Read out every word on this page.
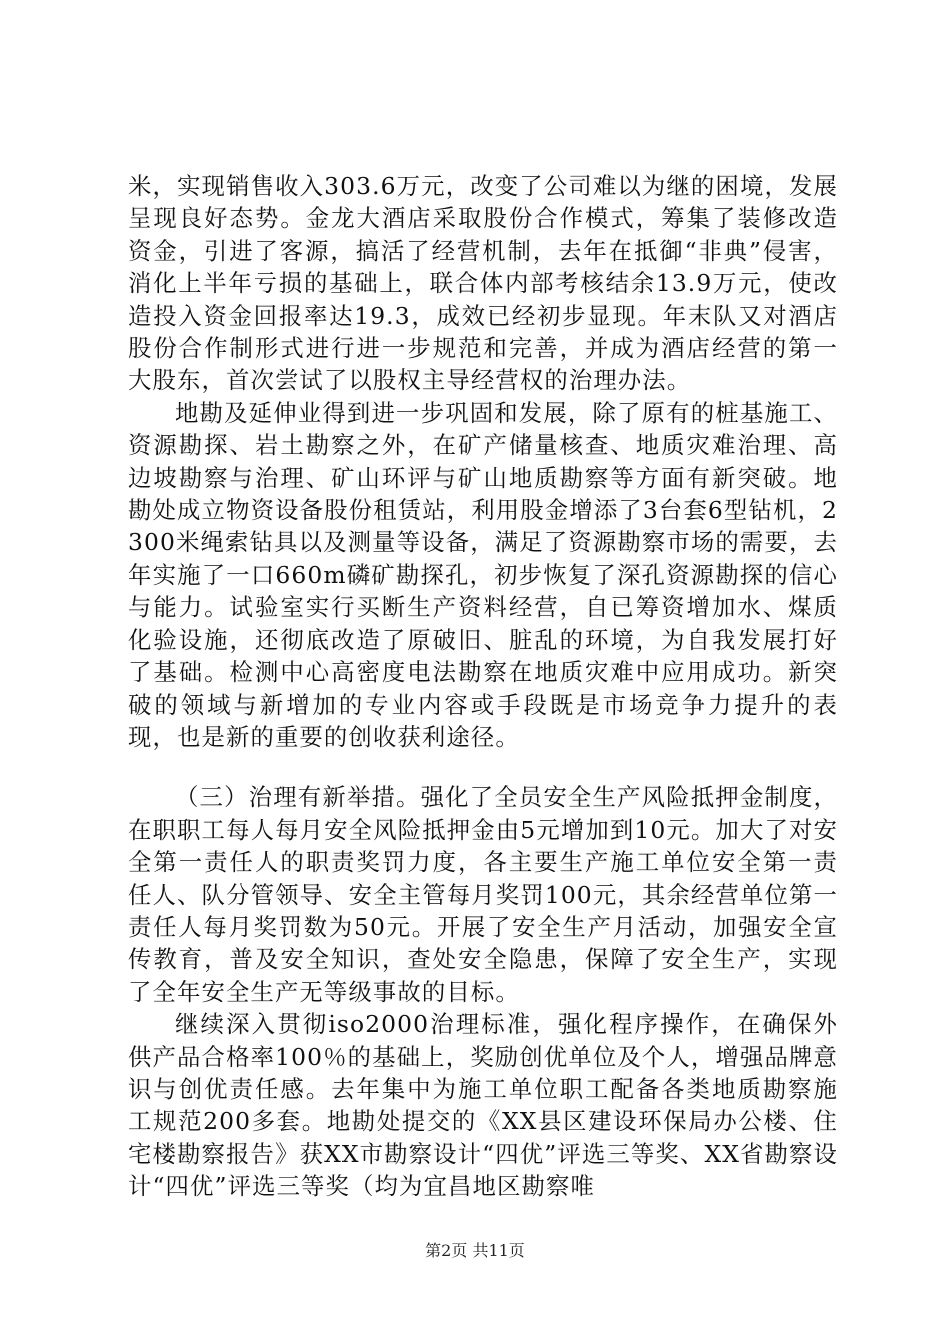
米，实现销售收入303.6万元，改变了公司难以为继的困境，发展呈现良好态势。金龙大酒店采取股份合作模式，筹集了装修改造资金，引进了客源，搞活了经营机制，去年在抵御“非典”侵害，消化上半年亏损的基础上，联合体内部考核结余13.9万元，使改造投入资金回报率达19.3，成效已经初步显现。年末队又对酒店股份合作制形式进行进一步规范和完善，并成为酒店经营的第一大股东，首次尝试了以股权主导经营权的治理办法。

地勘及延伸业得到进一步巩固和发展，除了原有的桩基施工、资源勘探、岩土勘察之外，在矿产储量核查、地质灾难治理、高边坡勘察与治理、矿山环评与矿山地质勘察等方面有新突破。地勘处成立物资设备股份租赁站，利用股金增添了3台套6型钻机，2300米绳索钻具以及测量等设备，满足了资源勘察市场的需要，去年实施了一口660m磷矿勘探孔，初步恢复了深孔资源勘探的信心与能力。试验室实行买断生产资料经营，自已筹资增加水、煤质化验设施，还彻底改造了原破旧、脏乱的环境，为自我发展打好了基础。检测中心高密度电法勘察在地质灾难中应用成功。新突破的领域与新增加的专业内容或手段既是市场竞争力提升的表现，也是新的重要的创收获利途径。

（三）治理有新举措。强化了全员安全生产风险抵押金制度，在职职工每人每月安全风险抵押金由5元增加到10元。加大了对安全第一责任人的职责奖罚力度，各主要生产施工单位安全第一责任人、队分管领导、安全主管每月奖罚100元，其余经营单位第一责任人每月奖罚数为50元。开展了安全生产月活动，加强安全宣传教育，普及安全知识，查处安全隐患，保障了安全生产，实现了全年安全生产无等级事故的目标。

继续深入贯彻iso2000治理标准，强化程序操作，在确保外供产品合格率100％的基础上，奖励创优单位及个人，增强品牌意识与创优责任感。去年集中为施工单位职工配备各类地质勘察施工规范200多套。地勘处提交的《XX县区建设环保局办公楼、住宅楼勘察报告》获XX市勘察设计“四优”评选三等奖、XX省勘察设计“四优”评选三等奖（均为宜昌地区勘察唯

第2页 共11页
